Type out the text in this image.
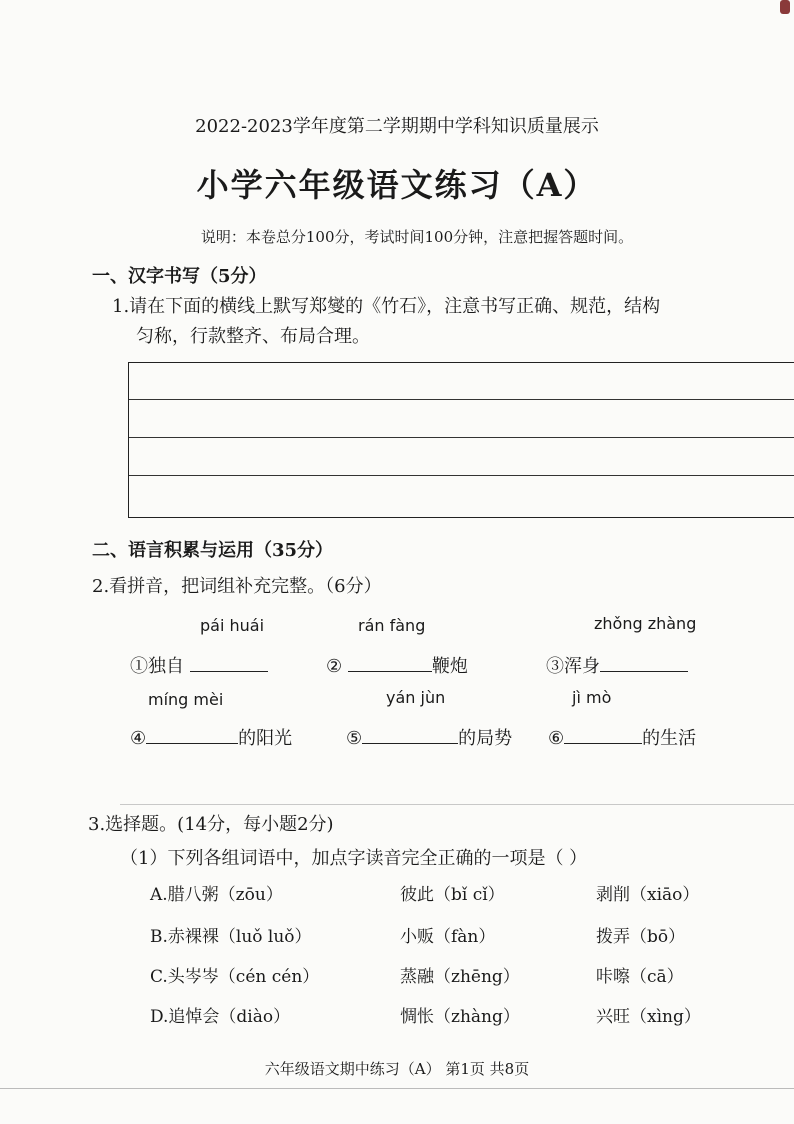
2022-2023学年度第二学期期中学科知识质量展示
小学六年级语文练习（A）
说明：本卷总分100分，考试时间100分钟，注意把握答题时间。
一、汉字书写（5分）
1.请在下面的横线上默写郑燮的《竹石》，注意书写正确、规范，结构
匀称，行款整齐、布局合理。
二、语言积累与运用（35分）
2.看拼音，把词组补充完整。（6分）
pái huái	rán fàng	zhǒng zhàng
①独自	②	鞭炮	③浑身
míng mèi	yán jùn	jì mò
④	的阳光	⑤	的局势 ⑥	的生活
3.选择题。(14分，每小题2分)
（1）下列各组词语中，加点字读音完全正确的一项是（ ）
A.腊八粥（zōu）	彼此（bǐ cǐ）	剥削（xiāo）
B.赤裸裸（luǒ luǒ）	小贩（fàn）	拨弄（bō）
C.头岑岑（cén cén）	蒸融（zhēng）	咔嚓（cā）
D.追悼会（diào）	惆怅（zhàng）	兴旺（xìng）
六年级语文期中练习（A） 第1页 共8页
